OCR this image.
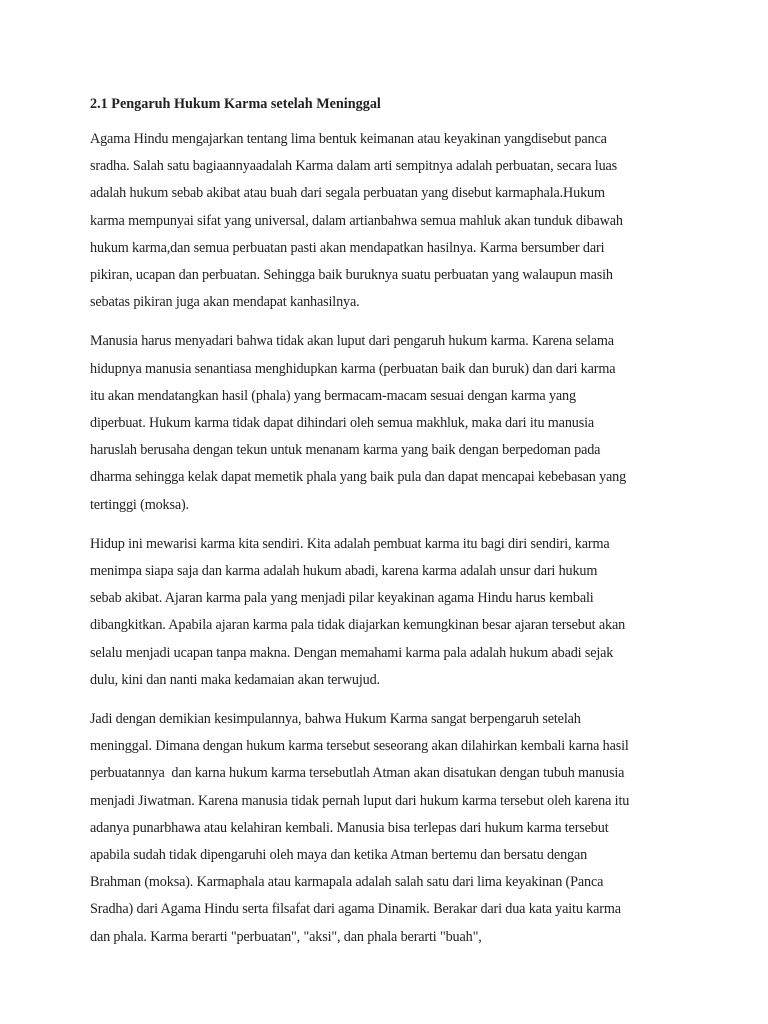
2.1 Pengaruh Hukum Karma setelah Meninggal
Agama Hindu mengajarkan tentang lima bentuk keimanan atau keyakinan yangdisebut panca
sradha. Salah satu bagiaannyaadalah Karma dalam arti sempitnya adalah perbuatan, secara luas
adalah hukum sebab akibat atau buah dari segala perbuatan yang disebut karmaphala.Hukum
karma mempunyai sifat yang universal, dalam artianbahwa semua mahluk akan tunduk dibawah
hukum karma,dan semua perbuatan pasti akan mendapatkan hasilnya. Karma bersumber dari
pikiran, ucapan dan perbuatan. Sehingga baik buruknya suatu perbuatan yang walaupun masih
sebatas pikiran juga akan mendapat kanhasilnya.
Manusia harus menyadari bahwa tidak akan luput dari pengaruh hukum karma. Karena selama
hidupnya manusia senantiasa menghidupkan karma (perbuatan baik dan buruk) dan dari karma
itu akan mendatangkan hasil (phala) yang bermacam-macam sesuai dengan karma yang
diperbuat. Hukum karma tidak dapat dihindari oleh semua makhluk, maka dari itu manusia
haruslah berusaha dengan tekun untuk menanam karma yang baik dengan berpedoman pada
dharma sehingga kelak dapat memetik phala yang baik pula dan dapat mencapai kebebasan yang
tertinggi (moksa).
Hidup ini mewarisi karma kita sendiri. Kita adalah pembuat karma itu bagi diri sendiri, karma
menimpa siapa saja dan karma adalah hukum abadi, karena karma adalah unsur dari hukum
sebab akibat. Ajaran karma pala yang menjadi pilar keyakinan agama Hindu harus kembali
dibangkitkan. Apabila ajaran karma pala tidak diajarkan kemungkinan besar ajaran tersebut akan
selalu menjadi ucapan tanpa makna. Dengan memahami karma pala adalah hukum abadi sejak
dulu, kini dan nanti maka kedamaian akan terwujud.
Jadi dengan demikian kesimpulannya, bahwa Hukum Karma sangat berpengaruh setelah
meninggal. Dimana dengan hukum karma tersebut seseorang akan dilahirkan kembali karna hasil
perbuatannya  dan karna hukum karma tersebutlah Atman akan disatukan dengan tubuh manusia
menjadi Jiwatman. Karena manusia tidak pernah luput dari hukum karma tersebut oleh karena itu
adanya punarbhawa atau kelahiran kembali. Manusia bisa terlepas dari hukum karma tersebut
apabila sudah tidak dipengaruhi oleh maya dan ketika Atman bertemu dan bersatu dengan
Brahman (moksa). Karmaphala atau karmapala adalah salah satu dari lima keyakinan (Panca
Sradha) dari Agama Hindu serta filsafat dari agama Dinamik. Berakar dari dua kata yaitu karma
dan phala. Karma berarti "perbuatan", "aksi", dan phala berarti "buah",
